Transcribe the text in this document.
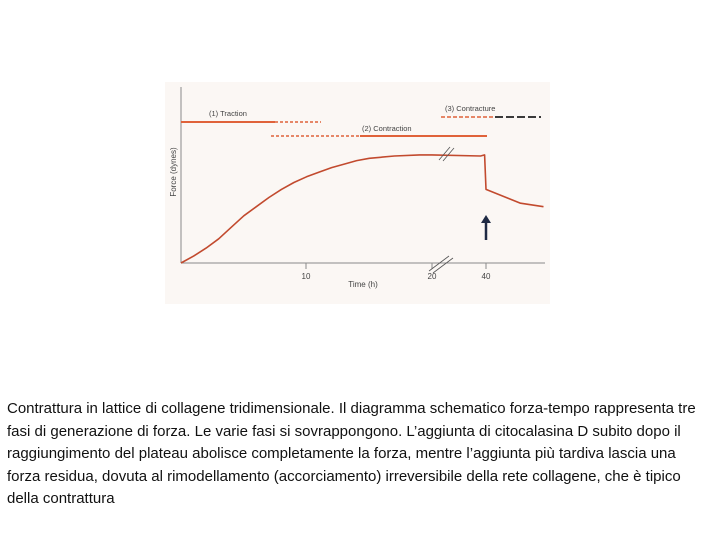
10	20	40
Time (h)
Force (dynes)
(1) Traction
(2) Contraction
(3) Contracture

Contrattura in lattice di collagene tridimensionale. Il diagramma schematico forza-tempo rappresenta tre fasi di generazione di forza. Le varie fasi si sovrappongono. L’aggiunta di citocalasina D subito dopo il raggiungimento del plateau abolisce completamente la forza, mentre l’aggiunta più tardiva lascia una forza residua, dovuta al rimodellamento (accorciamento) irreversibile della rete collagene, che è tipico della contrattura
